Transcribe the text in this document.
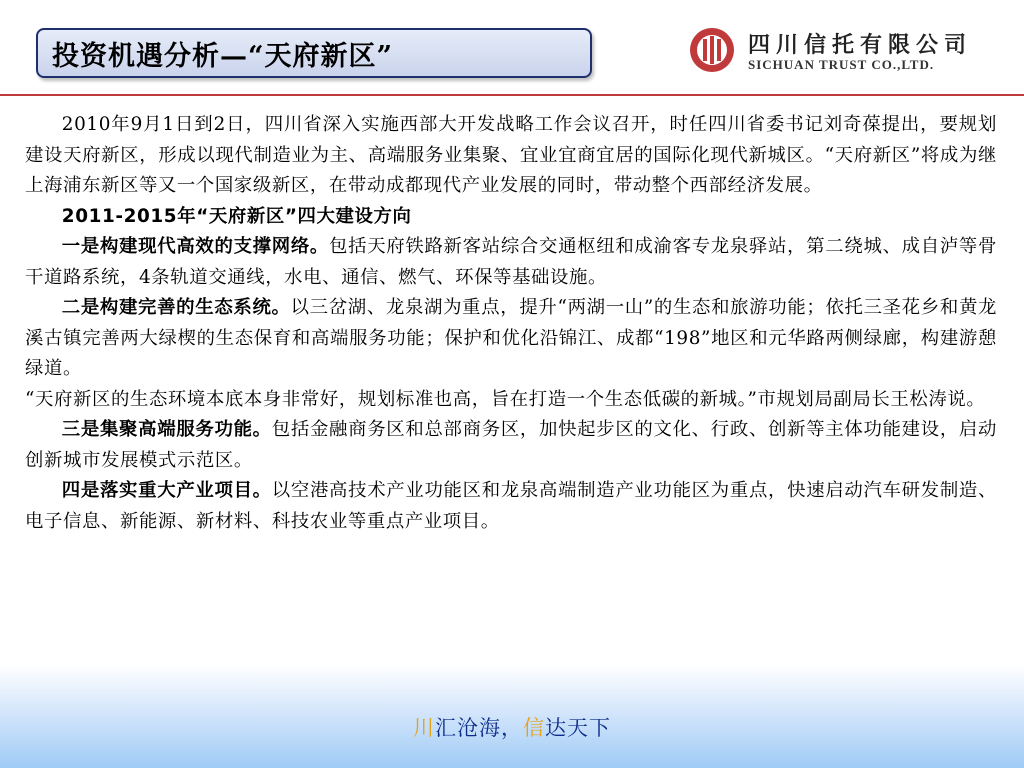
投资机遇分析—“天府新区”	四川信托有限公司
SICHUAN TRUST CO.,LTD.

2010年9月1日到2日，四川省深入实施西部大开发战略工作会议召开，时任四川省委书记刘奇葆提出，要规划建设天府新区，形成以现代制造业为主、高端服务业集聚、宜业宜商宜居的国际化现代新城区。“天府新区”将成为继上海浦东新区等又一个国家级新区，在带动成都现代产业发展的同时，带动整个西部经济发展。

2011-2015年“天府新区”四大建设方向

一是构建现代高效的支撑网络。包括天府铁路新客站综合交通枢纽和成渝客专龙泉驿站，第二绕城、成自泸等骨干道路系统，4条轨道交通线，水电、通信、燃气、环保等基础设施。

二是构建完善的生态系统。以三岔湖、龙泉湖为重点，提升“两湖一山”的生态和旅游功能；依托三圣花乡和黄龙溪古镇完善两大绿楔的生态保育和高端服务功能；保护和优化沿锦江、成都“198”地区和元华路两侧绿廊，构建游憩绿道。

“天府新区的生态环境本底本身非常好，规划标准也高，旨在打造一个生态低碳的新城。”市规划局副局长王松涛说。

三是集聚高端服务功能。包括金融商务区和总部商务区，加快起步区的文化、行政、创新等主体功能建设，启动创新城市发展模式示范区。

四是落实重大产业项目。以空港高技术产业功能区和龙泉高端制造产业功能区为重点，快速启动汽车研发制造、电子信息、新能源、新材料、科技农业等重点产业项目。

川汇沧海，信达天下
